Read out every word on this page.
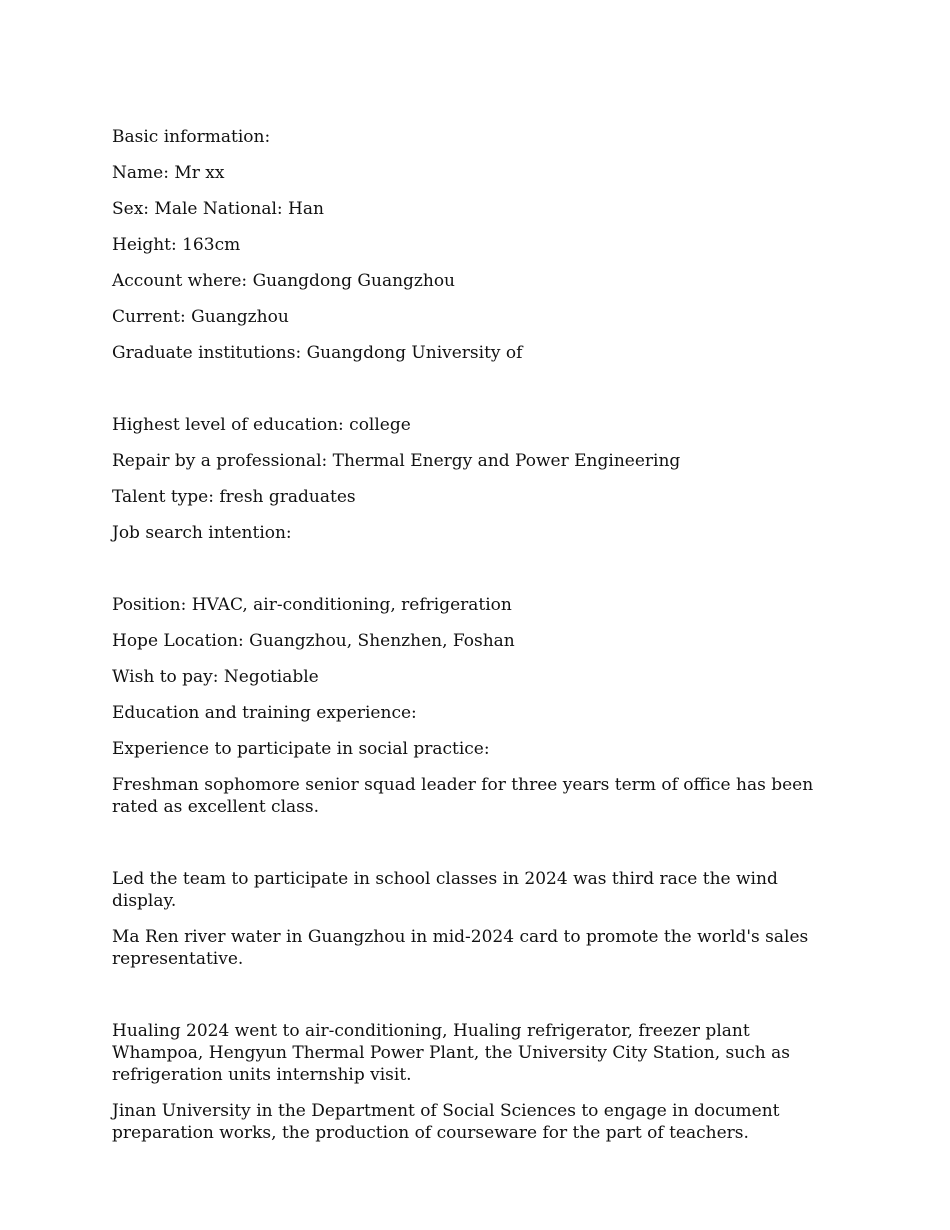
Basic information:
Name: Mr xx
Sex: Male National: Han
Height: 163cm
Account where: Guangdong Guangzhou
Current: Guangzhou
Graduate institutions: Guangdong University of
Highest level of education: college
Repair by a professional: Thermal Energy and Power Engineering
Talent type: fresh graduates
Job search intention:
Position: HVAC, air-conditioning, refrigeration
Hope Location: Guangzhou, Shenzhen, Foshan
Wish to pay: Negotiable
Education and training experience:
Experience to participate in social practice:
Freshman sophomore senior squad leader for three years term of office has been rated as excellent class.
Led the team to participate in school classes in 2024 was third race the wind display.
Ma Ren river water in Guangzhou in mid-2024 card to promote the world's sales representative.
Hualing 2024 went to air-conditioning, Hualing refrigerator, freezer plant Whampoa, Hengyun Thermal Power Plant, the University City Station, such as refrigeration units internship visit.
Jinan University in the Department of Social Sciences to engage in document preparation works, the production of courseware for the part of teachers.
